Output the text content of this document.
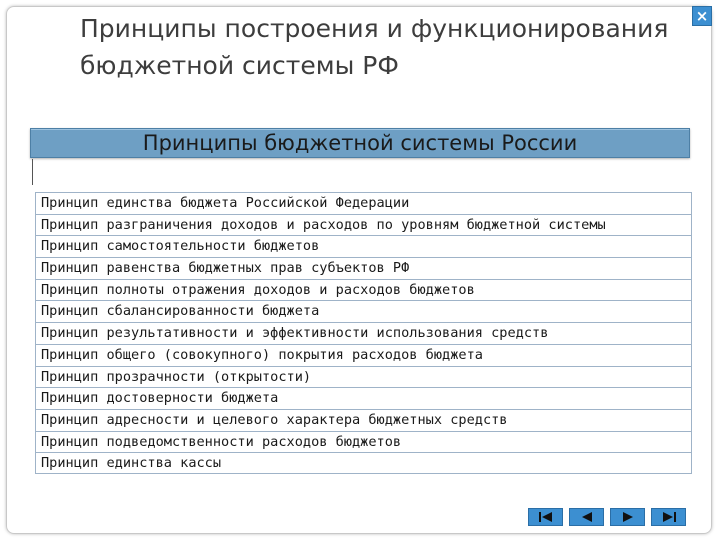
×
Принципы построения и функционирования бюджетной системы РФ
Принципы бюджетной системы России
Принцип единства бюджета Российской Федерации
Принцип разграничения доходов и расходов по уровням бюджетной системы
Принцип самостоятельности бюджетов
Принцип равенства бюджетных прав субъектов РФ
Принцип полноты отражения доходов и расходов бюджетов
Принцип сбалансированности бюджета
Принцип результативности и эффективности использования средств
Принцип общего (совокупного) покрытия расходов бюджета
Принцип прозрачности (открытости)
Принцип достоверности бюджета
Принцип адресности и целевого характера бюджетных средств
Принцип подведомственности расходов бюджетов
Принцип единства кассы
